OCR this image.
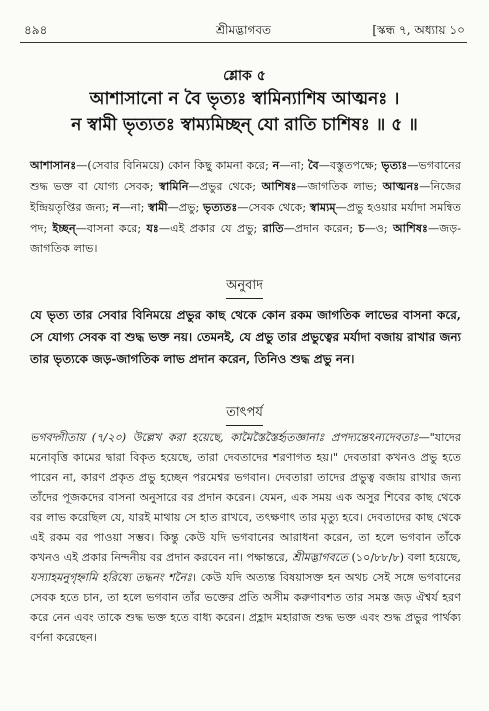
৪৯৪	শ্রীমদ্ভাগবত	[স্কন্ধ ৭, অধ্যায় ১০
শ্লোক ৫
আশাসানো ন বৈ ভৃত্যঃ স্বামিন্যাশিষ আত্মনঃ ।
ন স্বামী ভৃত্যতঃ স্বাম্যমিচ্ছন্ যো রাতি চাশিষঃ ॥ ৫ ॥
আশাসানঃ—(সেবার বিনিময়ে) কোন কিছু কামনা করে; ন—না; বৈ—বস্তুতপক্ষে; ভৃত্যঃ—ভগবানের শুদ্ধ ভক্ত বা যোগ্য সেবক; স্বামিনি—প্রভুর থেকে; আশিষঃ—জাগতিক লাভ; আত্মনঃ—নিজের ইন্দ্রিয়তৃপ্তির জন্য; ন—না; স্বামী—প্রভু; ভৃত্যতঃ—সেবক থেকে; স্বাম্যম্—প্রভু হওয়ার মর্যাদা সমন্বিত পদ; ইচ্ছন্—বাসনা করে; যঃ—এই প্রকার যে প্রভু; রাতি—প্রদান করেন; চ—ও; আশিষঃ—জড়-জাগতিক লাভ।
অনুবাদ
যে ভৃত্য তার সেবার বিনিময়ে প্রভুর কাছ থেকে কোন রকম জাগতিক লাভের বাসনা করে, সে যোগ্য সেবক বা শুদ্ধ ভক্ত নয়। তেমনই, যে প্রভু তার প্রভুত্বের মর্যাদা বজায় রাখার জন্য তার ভৃত্যকে জড়-জাগতিক লাভ প্রদান করেন, তিনিও শুদ্ধ প্রভু নন।
তাৎপর্য
ভগবদ্গীতায় (৭/২০) উল্লেখ করা হয়েছে, কামৈস্তৈস্তৈর্হৃতজ্ঞানাঃ প্রপদ্যন্তেঽন্যদেবতাঃ—"যাদের মনোবৃত্তি কামের দ্বারা বিকৃত হয়েছে, তারা দেবতাদের শরণাগত হয়।" দেবতারা কখনও প্রভু হতে পারেন না, কারণ প্রকৃত প্রভু হচ্ছেন পরমেশ্বর ভগবান। দেবতারা তাদের প্রভুত্ব বজায় রাখার জন্য তাঁদের পূজকদের বাসনা অনুসারে বর প্রদান করেন। যেমন, এক সময় এক অসুর শিবের কাছ থেকে বর লাভ করেছিল যে, যারই মাথায় সে হাত রাখবে, তৎক্ষণাৎ তার মৃত্যু হবে। দেবতাদের কাছ থেকে এই রকম বর পাওয়া সম্ভব। কিন্তু কেউ যদি ভগবানের আরাধনা করেন, তা হলে ভগবান তাঁকে কখনও এই প্রকার নিন্দনীয় বর প্রদান করবেন না। পক্ষান্তরে, শ্রীমদ্ভাগবতে (১০/৮৮/৮) বলা হয়েছে, যস্যাহমনুগৃহ্নামি হরিষ্যে তদ্ধনং শনৈঃ। কেউ যদি অত্যন্ত বিষয়াসক্ত হন অথচ সেই সঙ্গে ভগবানের সেবক হতে চান, তা হলে ভগবান তাঁর ভক্তের প্রতি অসীম করুণাবশত তার সমস্ত জড় ঐশ্বর্য হরণ করে নেন এবং তাকে শুদ্ধ ভক্ত হতে বাধ্য করেন। প্রহ্লাদ মহারাজ শুদ্ধ ভক্ত এবং শুদ্ধ প্রভুর পার্থক্য বর্ণনা করেছেন।
